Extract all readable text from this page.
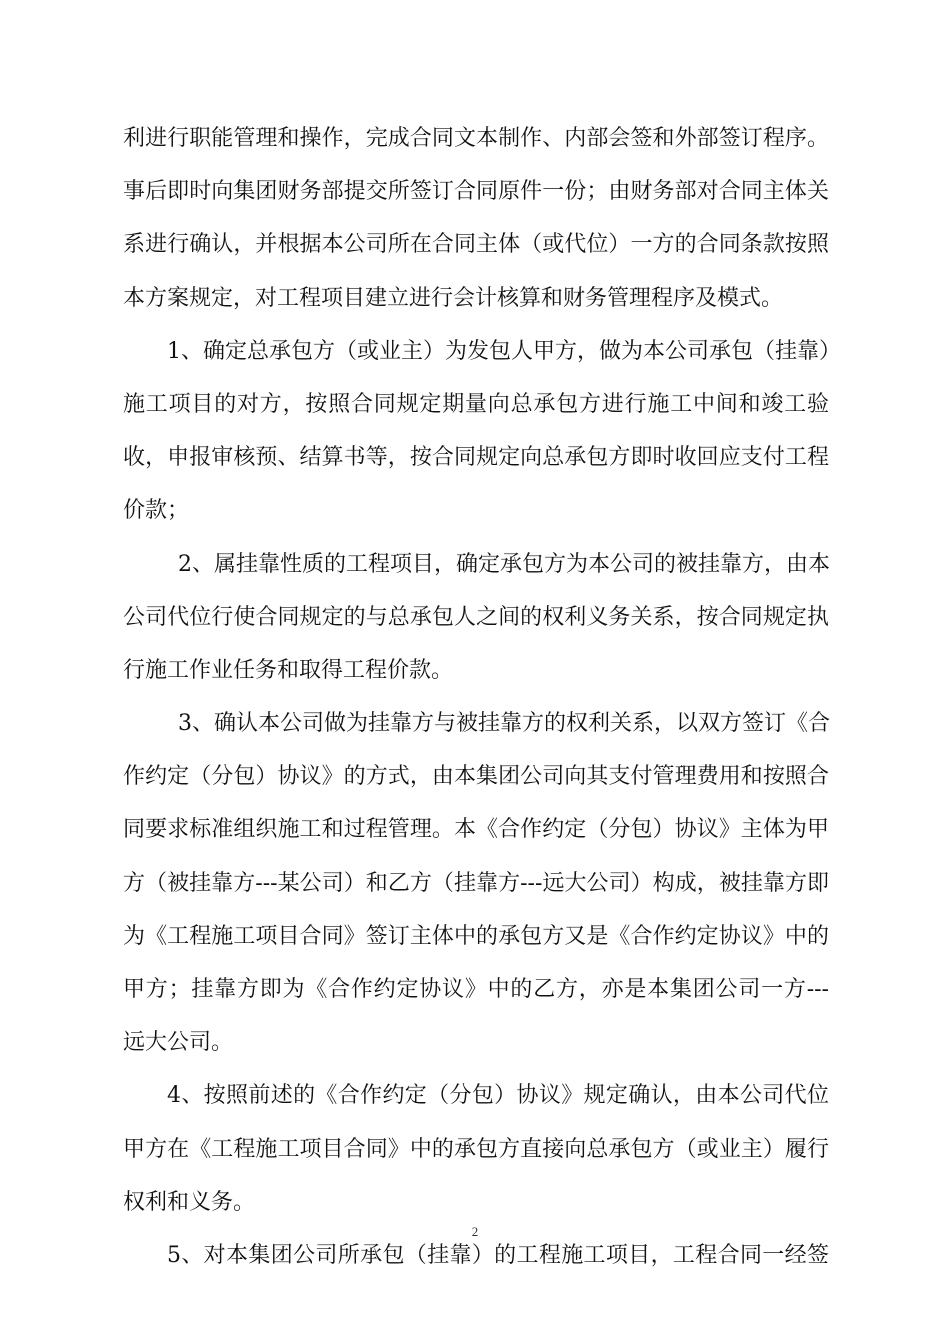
利进行职能管理和操作，完成合同文本制作、内部会签和外部签订程序。
事后即时向集团财务部提交所签订合同原件一份；由财务部对合同主体关
系进行确认，并根据本公司所在合同主体（或代位）一方的合同条款按照
本方案规定，对工程项目建立进行会计核算和财务管理程序及模式。
1、确定总承包方（或业主）为发包人甲方，做为本公司承包（挂靠）
施工项目的对方，按照合同规定期量向总承包方进行施工中间和竣工验
收，申报审核预、结算书等，按合同规定向总承包方即时收回应支付工程
价款；
2、属挂靠性质的工程项目，确定承包方为本公司的被挂靠方，由本
公司代位行使合同规定的与总承包人之间的权利义务关系，按合同规定执
行施工作业任务和取得工程价款。
3、确认本公司做为挂靠方与被挂靠方的权利关系，以双方签订《合
作约定（分包）协议》的方式，由本集团公司向其支付管理费用和按照合
同要求标准组织施工和过程管理。本《合作约定（分包）协议》主体为甲
方（被挂靠方---某公司）和乙方（挂靠方---远大公司）构成，被挂靠方即
为《工程施工项目合同》签订主体中的承包方又是《合作约定协议》中的
甲方；挂靠方即为《合作约定协议》中的乙方，亦是本集团公司一方---
远大公司。
4、按照前述的《合作约定（分包）协议》规定确认，由本公司代位
甲方在《工程施工项目合同》中的承包方直接向总承包方（或业主）履行
权利和义务。
5、对本集团公司所承包（挂靠）的工程施工项目，工程合同一经签
2
